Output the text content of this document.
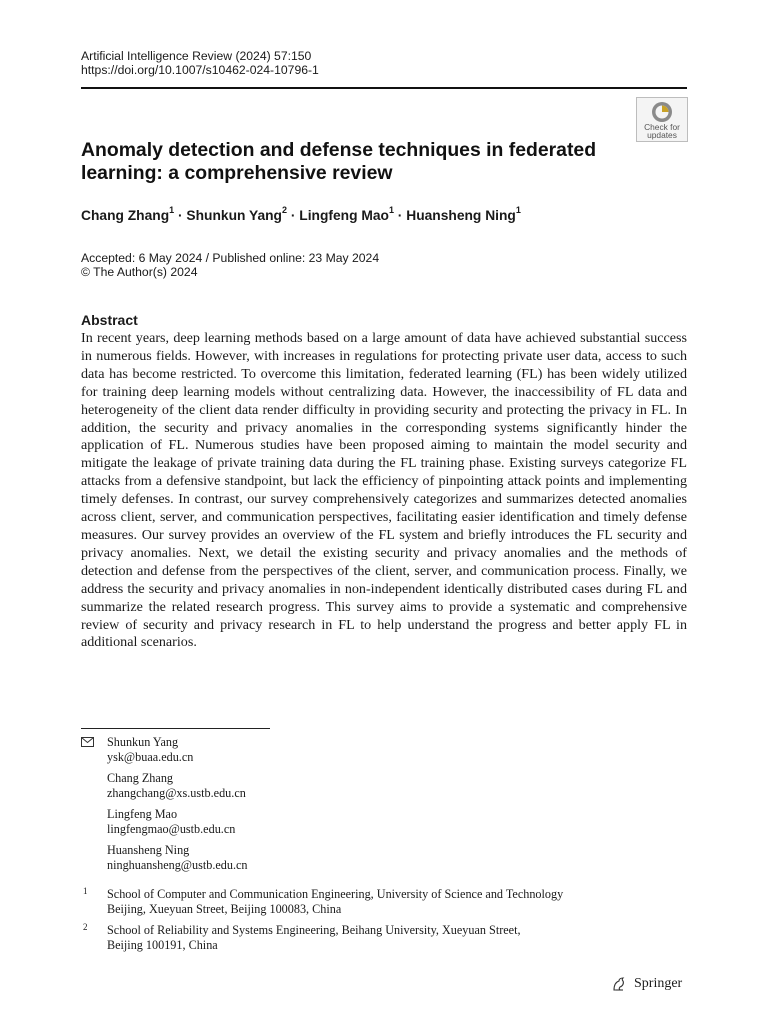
Artificial Intelligence Review (2024) 57:150
https://doi.org/10.1007/s10462-024-10796-1
Check for
updates
Anomaly detection and defense techniques in federated learning: a comprehensive review
Chang Zhang$^1$ · Shunkun Yang$^2$ · Lingfeng Mao$^1$ · Huansheng Ning$^1$
Accepted: 6 May 2024 / Published online: 23 May 2024
© The Author(s) 2024
Abstract
In recent years, deep learning methods based on a large amount of data have achieved substantial success in numerous fields. However, with increases in regulations for protecting private user data, access to such data has become restricted. To overcome this limitation, federated learning (FL) has been widely utilized for training deep learning models without centralizing data. However, the inaccessibility of FL data and heterogeneity of the client data render difficulty in providing security and protecting the privacy in FL. In addition, the security and privacy anomalies in the corresponding systems significantly hinder the application of FL. Numerous studies have been proposed aiming to maintain the model security and mitigate the leakage of private training data during the FL training phase. Existing surveys categorize FL attacks from a defensive standpoint, but lack the efficiency of pinpointing attack points and implementing timely defenses. In contrast, our survey comprehensively categorizes and summarizes detected anomalies across client, server, and communication perspectives, facilitating easier identification and timely defense measures. Our survey provides an overview of the FL system and briefly introduces the FL security and privacy anomalies. Next, we detail the existing security and privacy anomalies and the methods of detection and defense from the perspectives of the client, server, and communication process. Finally, we address the security and privacy anomalies in non-independent identically distributed cases during FL and summarize the related research progress. This survey aims to provide a systematic and comprehensive review of security and privacy research in FL to help understand the progress and better apply FL in additional scenarios.
Shunkun Yang
ysk@buaa.edu.cn
Chang Zhang
zhangchang@xs.ustb.edu.cn
Lingfeng Mao
lingfengmao@ustb.edu.cn
Huansheng Ning
ninghuansheng@ustb.edu.cn
1 School of Computer and Communication Engineering, University of Science and Technology
Beijing, Xueyuan Street, Beijing 100083, China
2 School of Reliability and Systems Engineering, Beihang University, Xueyuan Street,
Beijing 100191, China
Springer
